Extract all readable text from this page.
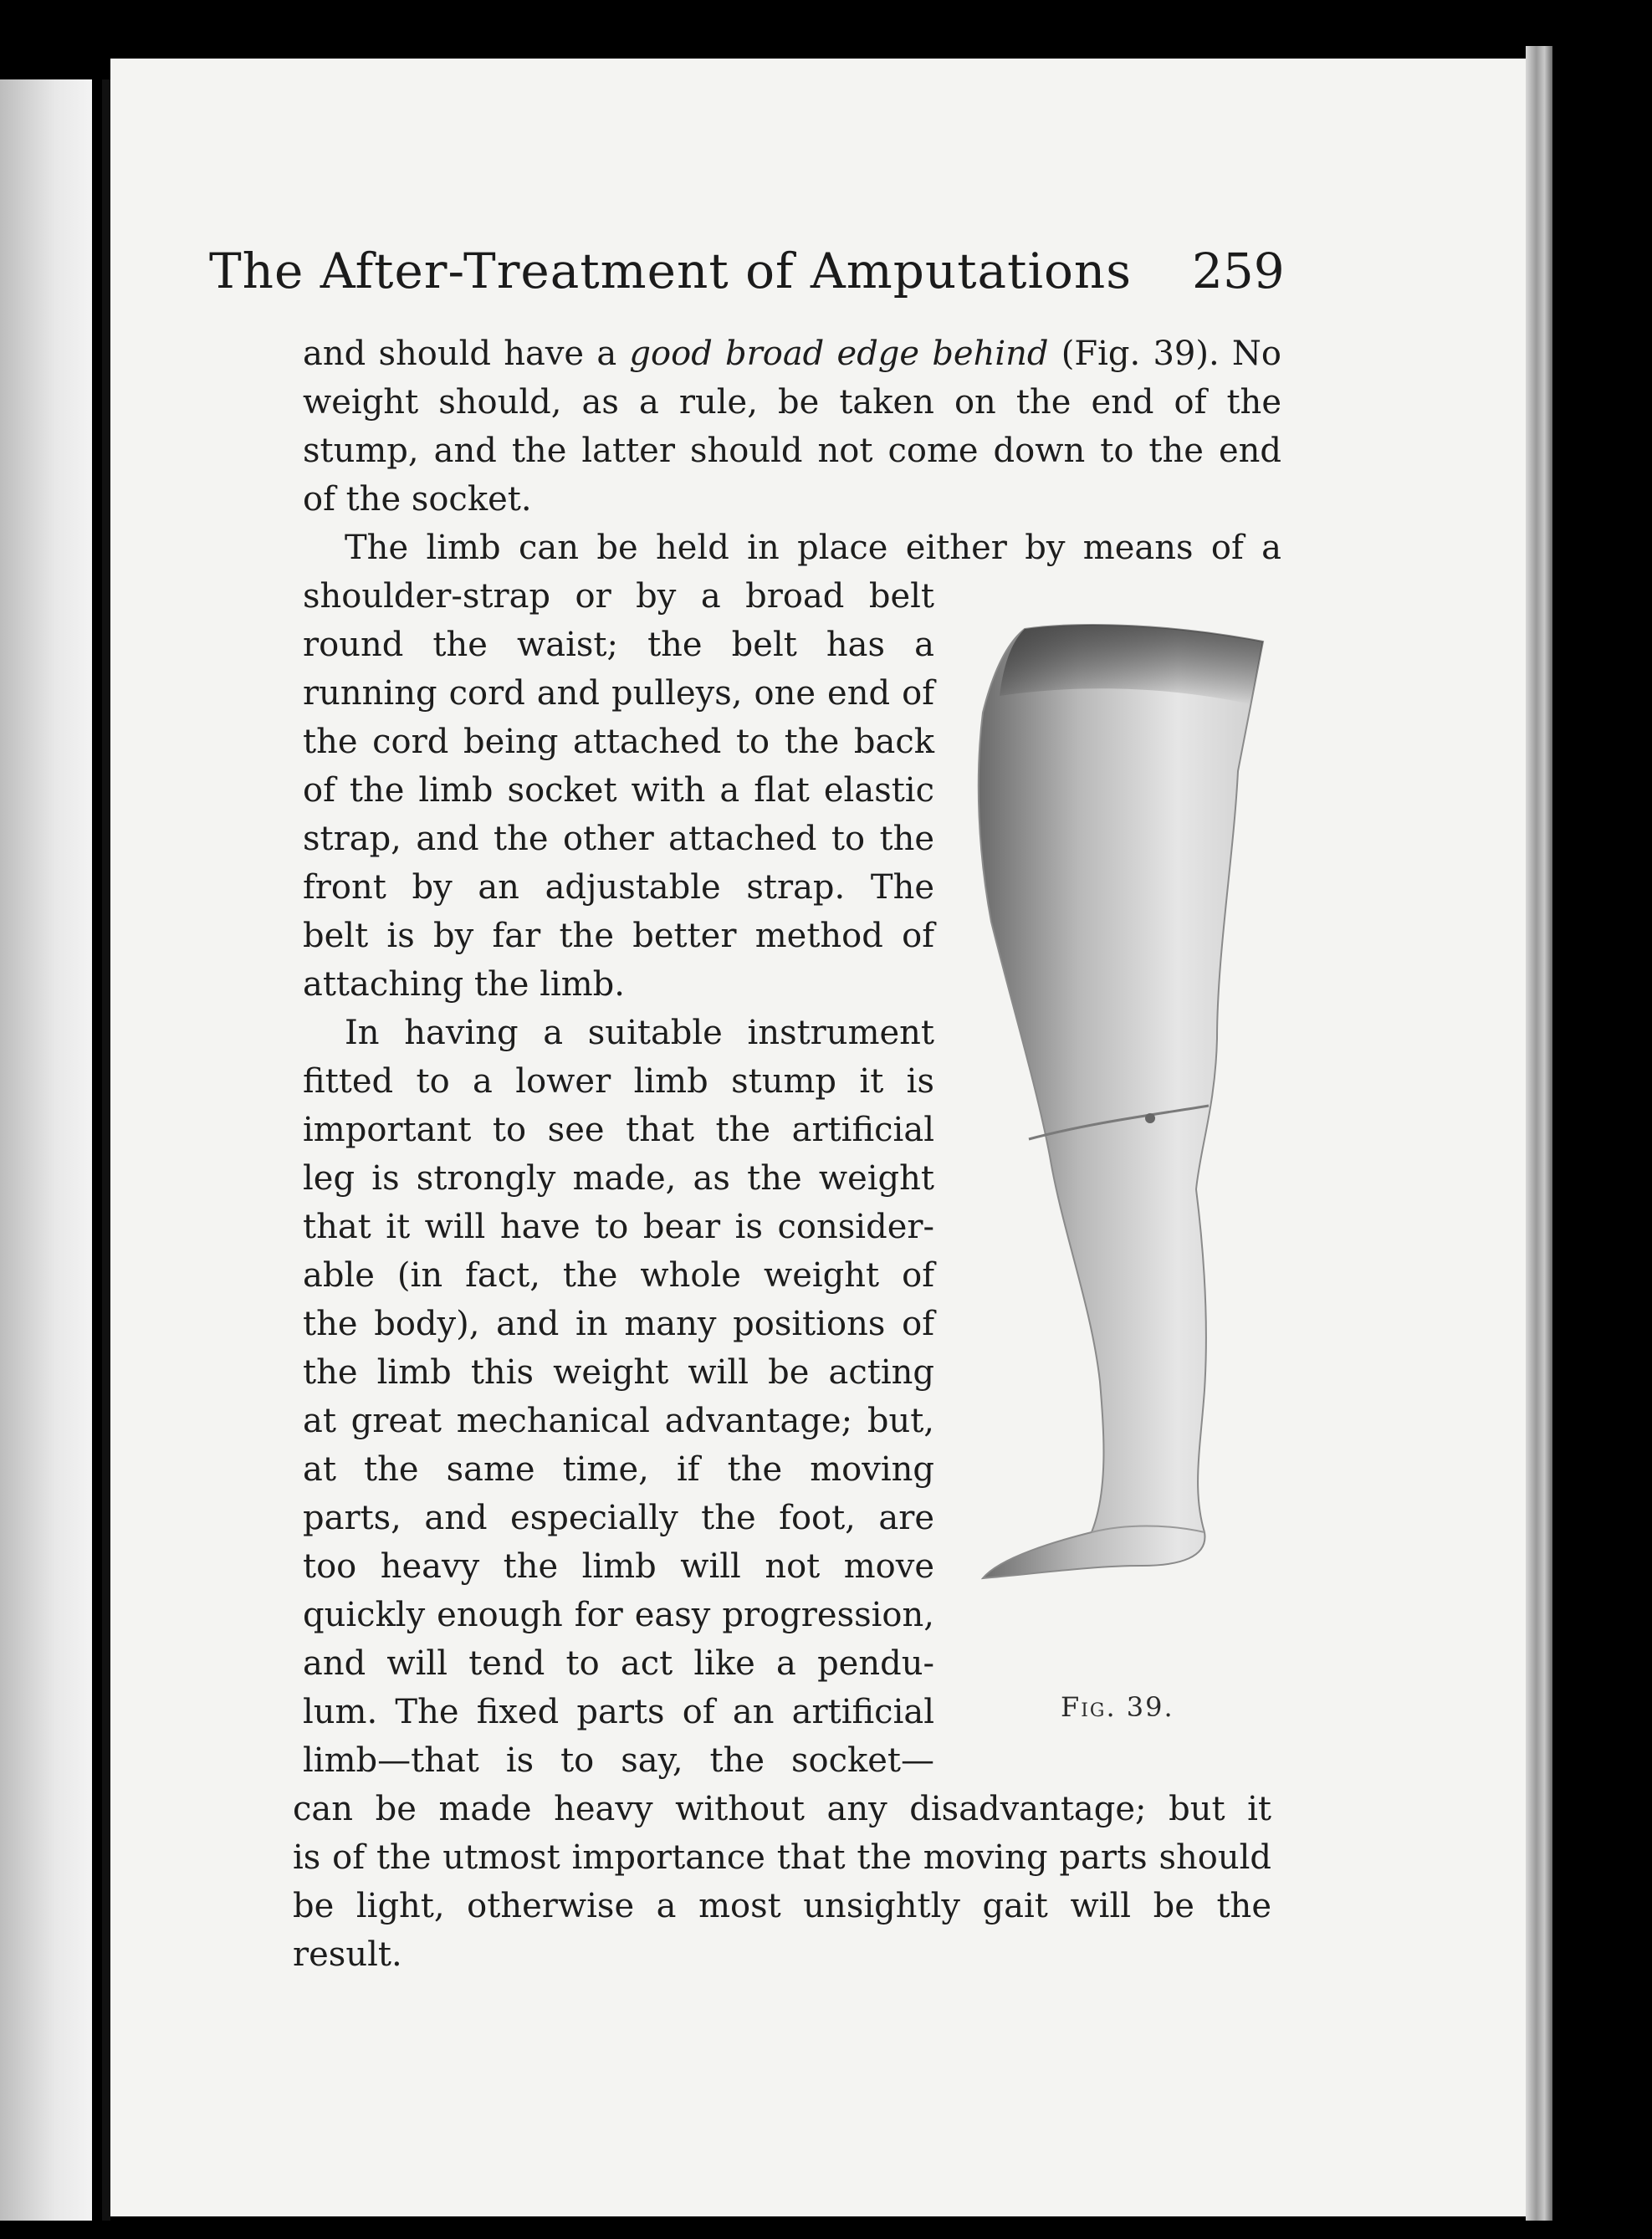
The After-Treatment of Amputations	259
and should have a good broad edge behind (Fig. 39). No
weight should, as a rule, be taken on the end of the
stump, and the latter should not come down to the end
of the socket.
The limb can be held in place either by means of a
shoulder-strap or by a broad belt
round the waist; the belt has a
running cord and pulleys, one end of
the cord being attached to the back
of the limb socket with a flat elastic
strap, and the other attached to the
front by an adjustable strap. The
belt is by far the better method of
attaching the limb.
In having a suitable instrument
fitted to a lower limb stump it is
important to see that the artificial
leg is strongly made, as the weight
that it will have to bear is consider-
able (in fact, the whole weight of
the body), and in many positions of
the limb this weight will be acting
at great mechanical advantage; but,
at the same time, if the moving
parts, and especially the foot, are
too heavy the limb will not move
quickly enough for easy progression,
and will tend to act like a pendu-
lum. The fixed parts of an artificial
limb—that is to say, the socket—
can be made heavy without any disadvantage; but it
is of the utmost importance that the moving parts should
be light, otherwise a most unsightly gait will be the
result.
Fig. 39.
